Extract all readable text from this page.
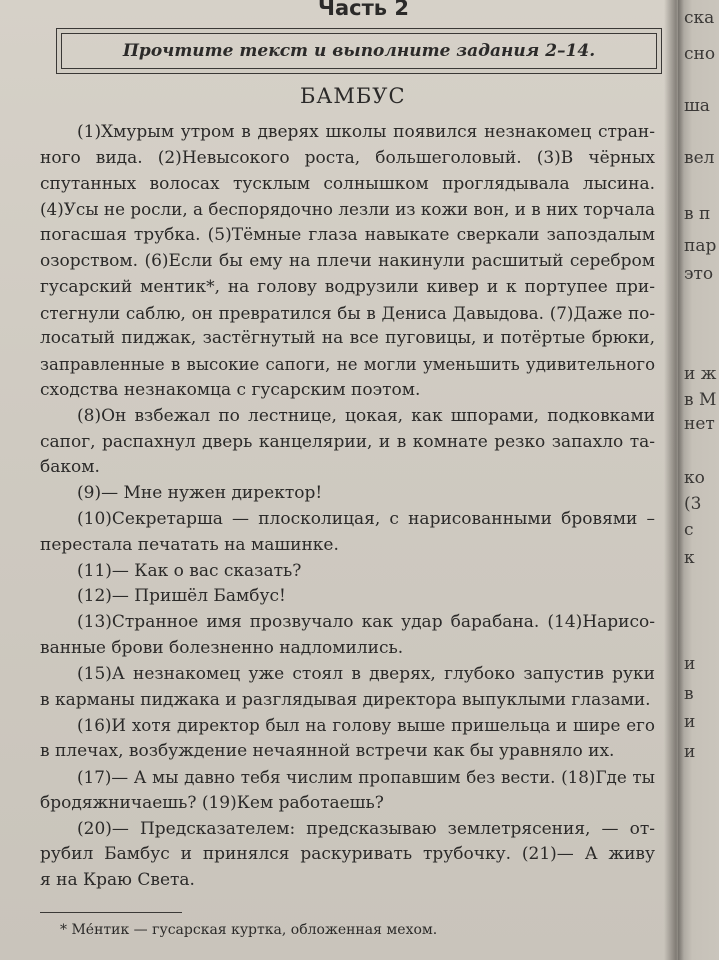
Часть 2
Прочтите текст и выполните задания 2–14.
БАМБУС
(1)Хмурым утром в дверях школы появился незнакомец стран-
ного вида. (2)Невысокого роста, большеголовый. (3)В чёрных
спутанных волосах тусклым солнышком проглядывала лысина.
(4)Усы не росли, а беспорядочно лезли из кожи вон, и в них торчала
погасшая трубка. (5)Тёмные глаза навыкате сверкали запоздалым
озорством. (6)Если бы ему на плечи накинули расшитый серебром
гусарский ментик*, на голову водрузили кивер и к портупее при-
стегнули саблю, он превратился бы в Дениса Давыдова. (7)Даже по-
лосатый пиджак, застёгнутый на все пуговицы, и потёртые брюки,
заправленные в высокие сапоги, не могли уменьшить удивительного
сходства незнакомца с гусарским поэтом.
(8)Он взбежал по лестнице, цокая, как шпорами, подковками
сапог, распахнул дверь канцелярии, и в комнате резко запахло та-
баком.
(9)— Мне нужен директор!
(10)Секретарша — плосколицая, с нарисованными бровями –
перестала печатать на машинке.
(11)— Как о вас сказать?
(12)— Пришёл Бамбус!
(13)Странное имя прозвучало как удар барабана. (14)Нарисо-
ванные брови болезненно надломились.
(15)А незнакомец уже стоял в дверях, глубоко запустив руки
в карманы пиджака и разглядывая директора выпуклыми глазами.
(16)И хотя директор был на голову выше пришельца и шире его
в плечах, возбуждение нечаянной встречи как бы уравняло их.
(17)— А мы давно тебя числим пропавшим без вести. (18)Где ты
бродяжничаешь? (19)Кем работаешь?
(20)— Предсказателем: предсказываю землетрясения, — от-
рубил Бамбус и принялся раскуривать трубочку. (21)— А живу
я на Краю Света.
* Ме́нтик — гусарская куртка, обложенная мехом.
ска
сно
ша
вел
в п
пар
это
и ж
в М
нет
ко
(3
с
к
и
в
и
и
